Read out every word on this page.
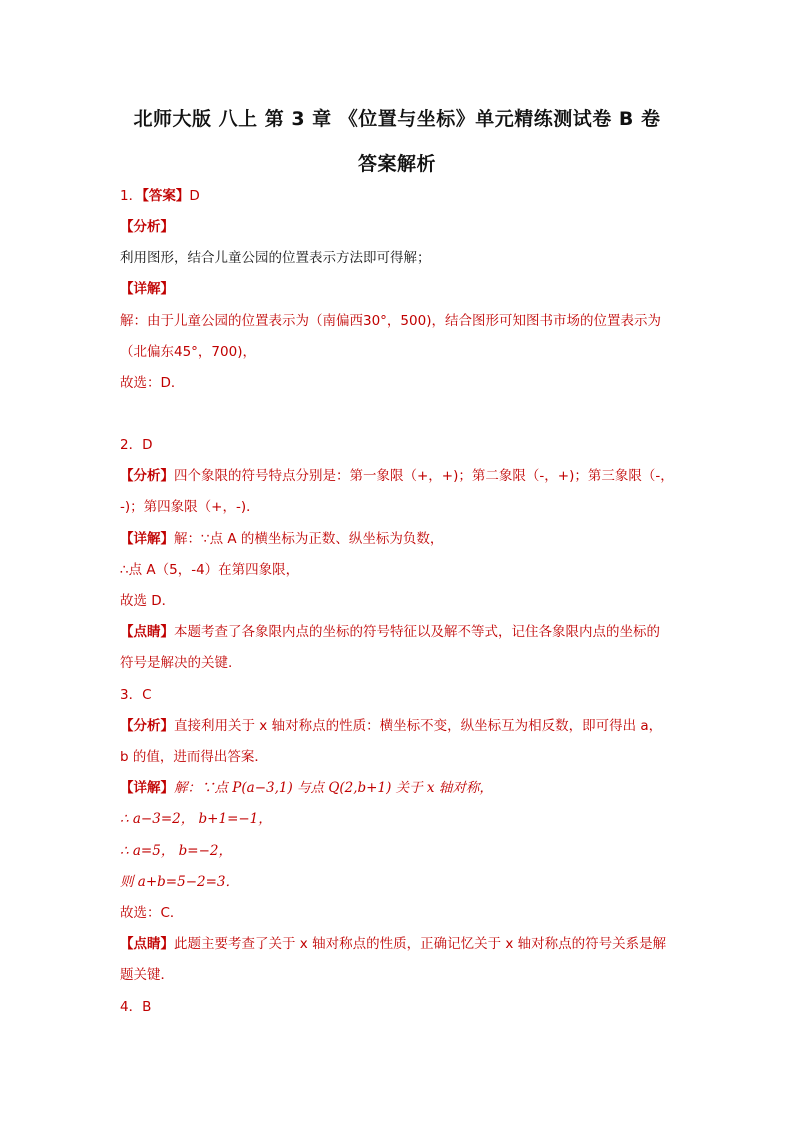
北师大版 八上 第 3 章 《位置与坐标》单元精练测试卷 B 卷
答案解析
1．【答案】D
【分析】
利用图形，结合儿童公园的位置表示方法即可得解；
【详解】
解：由于儿童公园的位置表示为（南偏西30°，500)，结合图形可知图书市场的位置表示为
（北偏东45°，700)，
故选：D．
2．D
【分析】四个象限的符号特点分别是：第一象限（+，+)；第二象限（-，+)；第三象限（-，
-)；第四象限（+，-)．
【详解】解：∵点 A 的横坐标为正数、纵坐标为负数，
∴点 A（5，-4）在第四象限，
故选 D．
【点睛】本题考查了各象限内点的坐标的符号特征以及解不等式，记住各象限内点的坐标的
符号是解决的关键.
3．C
【分析】直接利用关于 x 轴对称点的性质：横坐标不变，纵坐标互为相反数，即可得出 a，
b 的值，进而得出答案．
【详解】解：∵点 P(a−3,1) 与点 Q(2,b+1) 关于 x 轴对称，
∴ a−3=2， b+1=−1，
∴ a=5， b=−2，
则 a+b=5−2=3．
故选：C．
【点睛】此题主要考查了关于 x 轴对称点的性质，正确记忆关于 x 轴对称点的符号关系是解
题关键．
4．B
